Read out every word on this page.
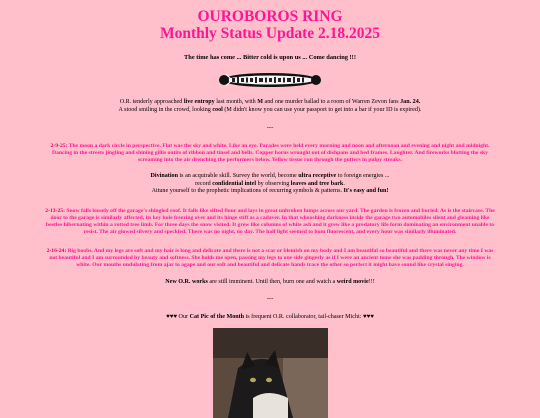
OUROBOROS RING
Monthly Status Update 2.18.2025
The time has come ... Bitter cold is upon us ... Come dancing !!!
O.R. tenderly approached live entropy last month, with M and one murder ballad to a room of Warren Zevon fans Jan. 24.
A stood smiling in the crowd, looking cool (M didn't know you can use your passport to get into a bar if your ID is expired).
---
2-9-25: The moon a dark circle in perspective. Flat was the sky and white. Like an eye. Parades were held every morning and noon and afternoon and evening and night and midnight. Dancing in the streets jingling and shining gillis outits of ribbon and tinsel and bells. Copper horns wrought out of dishpans and bed frames. Laughter. And fireworks blotting the sky screaming into the air drenching the performers below. Yellow tissue run through the gutters in pulpy streaks.
Divination is an acquirable skill. Survey the world, become ultra receptive to foreign energies ...
record confidential intel by observing leaves and tree bark.
Attune yourself to the prophetic implications of recurring symbols & patterns. It's easy and fun!
2-13-25: Snow falls loosely off the garage's shingled roof. It falls like sifted flour and lays in great unbroken lumps across our yard. The garden is frozen and buried. As is the staircase. The door to the garage is similarly affected, its key hole freezing over and its hinge stiff as a cadaver. In that whooshing darkness inside the garage two automobiles silent and gleaming like beetles hibernating within a rotted tree limb. For three days the snow visited. It grew like columns of white ash and it grew like a predatory life form dominating an environment unable to resist. The air glowed silvery and speckled. There was no night, no day. The half light seemed to hum fluorescent, and every hour was similarly illuminated.
2-16-24: Big boobs. And my legs are soft and my hair is long and delicate and there is not a scar or blemish on my body and I am beautiful so beautiful and there was never any time I was not beautiful and I am surrounded by beauty and softness. She holds me open, passing my legs to one side gingerly as if I were an ancient tome she was padding through. The window is white. Our mouths undulating from ajar to agape and our soft and beautiful and delicate hands trace the other so perfect it might have sound like crystal singing.
New O.R. works are still imminent. Until then, burn one and watch a weird movie!!!
---
♥♥♥ Our Cat Pic of the Month is frequent O.R. collaborator, tail-chaser Michi: ♥♥♥
